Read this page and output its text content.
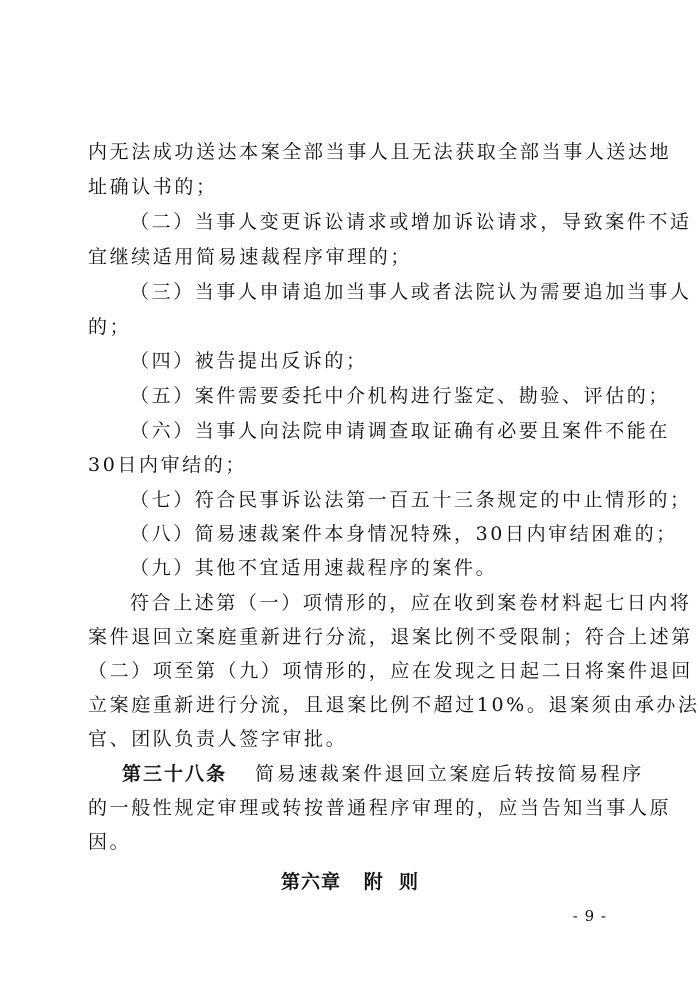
内无法成功送达本案全部当事人且无法获取全部当事人送达地
址确认书的；
（二）当事人变更诉讼请求或增加诉讼请求，导致案件不适
宜继续适用简易速裁程序审理的；
（三）当事人申请追加当事人或者法院认为需要追加当事人
的；
（四）被告提出反诉的；
（五）案件需要委托中介机构进行鉴定、勘验、评估的；
（六）当事人向法院申请调查取证确有必要且案件不能在
30日内审结的；
（七）符合民事诉讼法第一百五十三条规定的中止情形的；
（八）简易速裁案件本身情况特殊，30日内审结困难的；
（九）其他不宜适用速裁程序的案件。
符合上述第（一）项情形的，应在收到案卷材料起七日内将
案件退回立案庭重新进行分流，退案比例不受限制；符合上述第
（二）项至第（九）项情形的，应在发现之日起二日将案件退回
立案庭重新进行分流，且退案比例不超过10%。退案须由承办法
官、团队负责人签字审批。
第三十八条 简易速裁案件退回立案庭后转按简易程序
的一般性规定审理或转按普通程序审理的，应当告知当事人原
因。
第六章   附  则
- 9 -
